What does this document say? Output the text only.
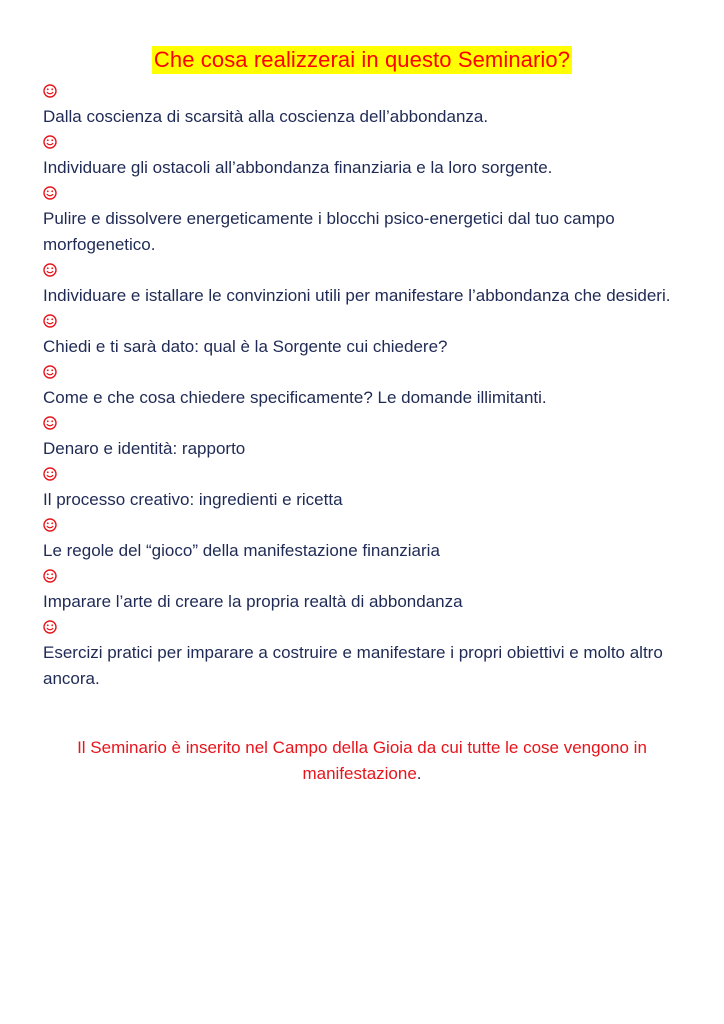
Che cosa realizzerai in questo Seminario?
Dalla coscienza di scarsità alla coscienza dell’abbondanza.
Individuare gli ostacoli all’abbondanza finanziaria e la loro sorgente.
Pulire e dissolvere energeticamente i blocchi psico-energetici dal tuo campo morfogenetico.
Individuare e istallare le convinzioni utili per manifestare l’abbondanza che desideri.
Chiedi e ti sarà dato: qual è la Sorgente cui chiedere?
Come e che cosa chiedere specificamente? Le domande illimitanti.
Denaro e identità: rapporto
Il processo creativo: ingredienti e ricetta
Le regole del “gioco” della manifestazione finanziaria
Imparare l’arte di creare la propria realtà di abbondanza
Esercizi pratici per imparare a costruire e manifestare i propri obiettivi e molto altro ancora.
Il Seminario è inserito nel Campo della Gioia da cui tutte le cose vengono in manifestazione.
